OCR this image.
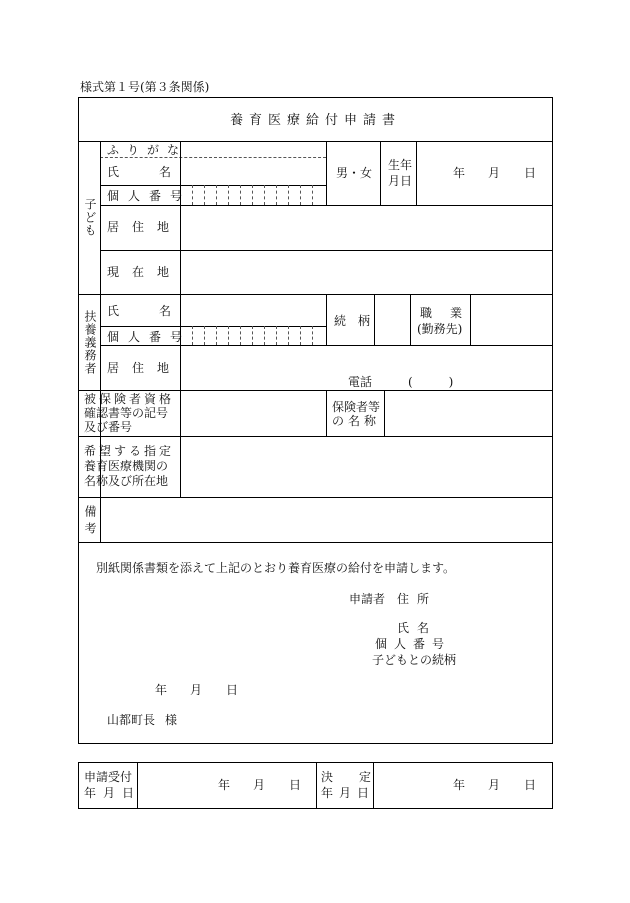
様式第１号(第３条関係)
養育医療給付申請書
子ども
ふりがな
氏名	男・女
生年
月日
年 月 日
個人番号
居住地
現在地
扶養義務者 氏名
続柄
職業
(勤務先)
個人番号
居住地
電話	(　　　)
被保険者資格
確認書等の記号
及び番号
保険者等
の名称
希望する指定
養育医療機関の
名称及び所在地
備考
別紙関係書類を添えて上記のとおり養育医療の給付を申請します。
申請者 住所
氏名
個人番号
子どもとの続柄
年 月 日
山都町長 様
申請受付
年月日
年 月 日
決定
年月日
年 月 日
